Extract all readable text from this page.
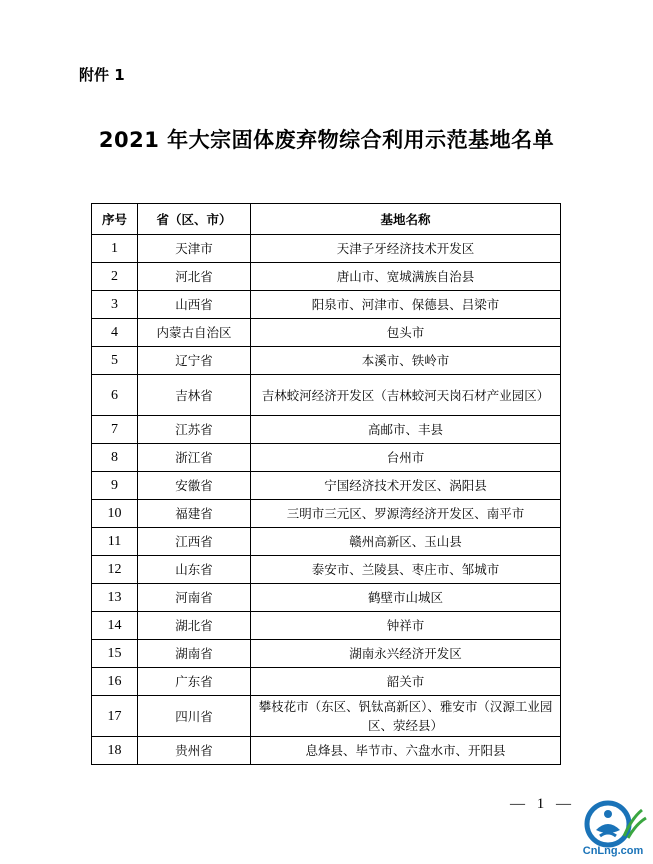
附件 1
2021 年大宗固体废弃物综合利用示范基地名单
序号	省（区、市）	基地名称
1	天津市	天津子牙经济技术开发区
2	河北省	唐山市、宽城满族自治县
3	山西省	阳泉市、河津市、保德县、吕梁市
4	内蒙古自治区	包头市
5	辽宁省	本溪市、铁岭市
6	吉林省	吉林蛟河经济开发区（吉林蛟河天岗石材产业园区）
7	江苏省	高邮市、丰县
8	浙江省	台州市
9	安徽省	宁国经济技术开发区、涡阳县
10	福建省	三明市三元区、罗源湾经济开发区、南平市
11	江西省	赣州高新区、玉山县
12	山东省	泰安市、兰陵县、枣庄市、邹城市
13	河南省	鹤壁市山城区
14	湖北省	钟祥市
15	湖南省	湖南永兴经济开发区
16	广东省	韶关市
17	四川省	攀枝花市（东区、钒钛高新区）、雅安市（汉源工业园区、荥经县）
18	贵州省	息烽县、毕节市、六盘水市、开阳县
— 1 —
CnLng.com
